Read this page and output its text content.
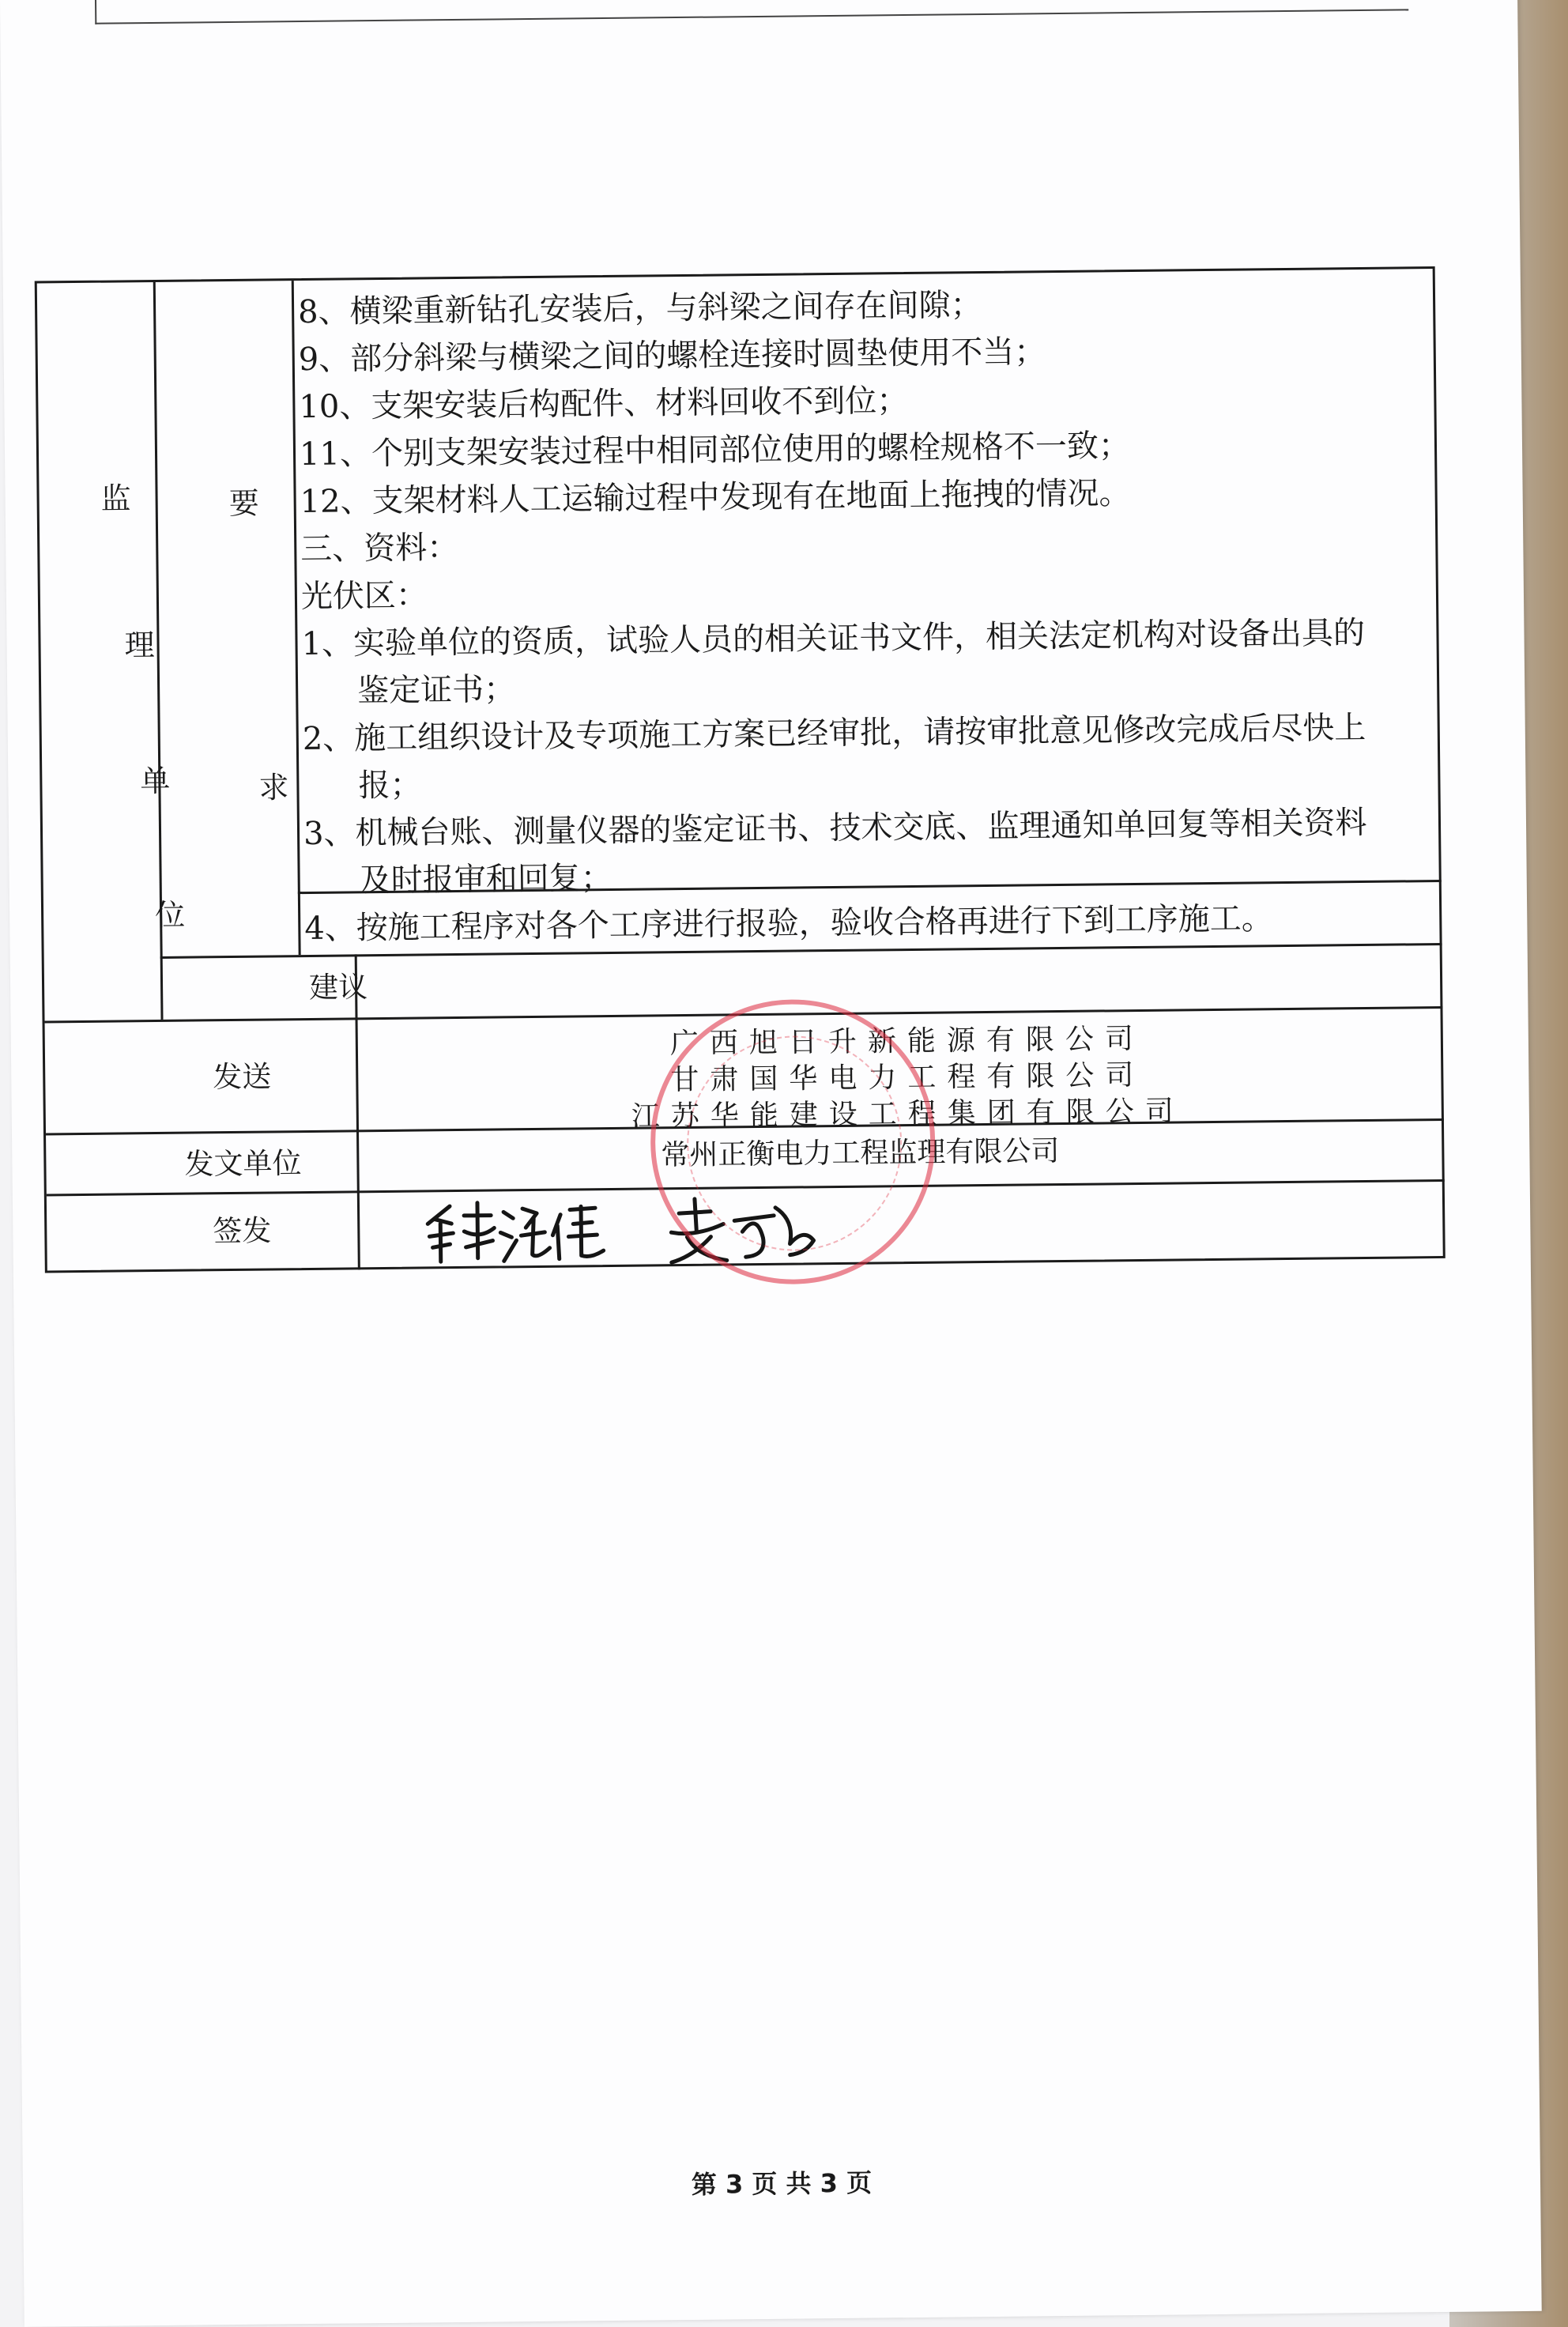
监
理
单
位
要
求
8、横梁重新钻孔安装后，与斜梁之间存在间隙；
9、部分斜梁与横梁之间的螺栓连接时圆垫使用不当；
10、支架安装后构配件、材料回收不到位；
11、个别支架安装过程中相同部位使用的螺栓规格不一致；
12、支架材料人工运输过程中发现有在地面上拖拽的情况。
三、资料：
光伏区：
1、实验单位的资质，试验人员的相关证书文件，相关法定机构对设备出具的
鉴定证书；
2、施工组织设计及专项施工方案已经审批，请按审批意见修改完成后尽快上
报；
3、机械台账、测量仪器的鉴定证书、技术交底、监理通知单回复等相关资料
及时报审和回复；
4、按施工程序对各个工序进行报验，验收合格再进行下到工序施工。
建议
发送
广西旭日升新能源有限公司
甘肃国华电力工程有限公司
江苏华能建设工程集团有限公司
发文单位	常州正衡电力工程监理有限公司
签发
第 3 页 共 3 页
